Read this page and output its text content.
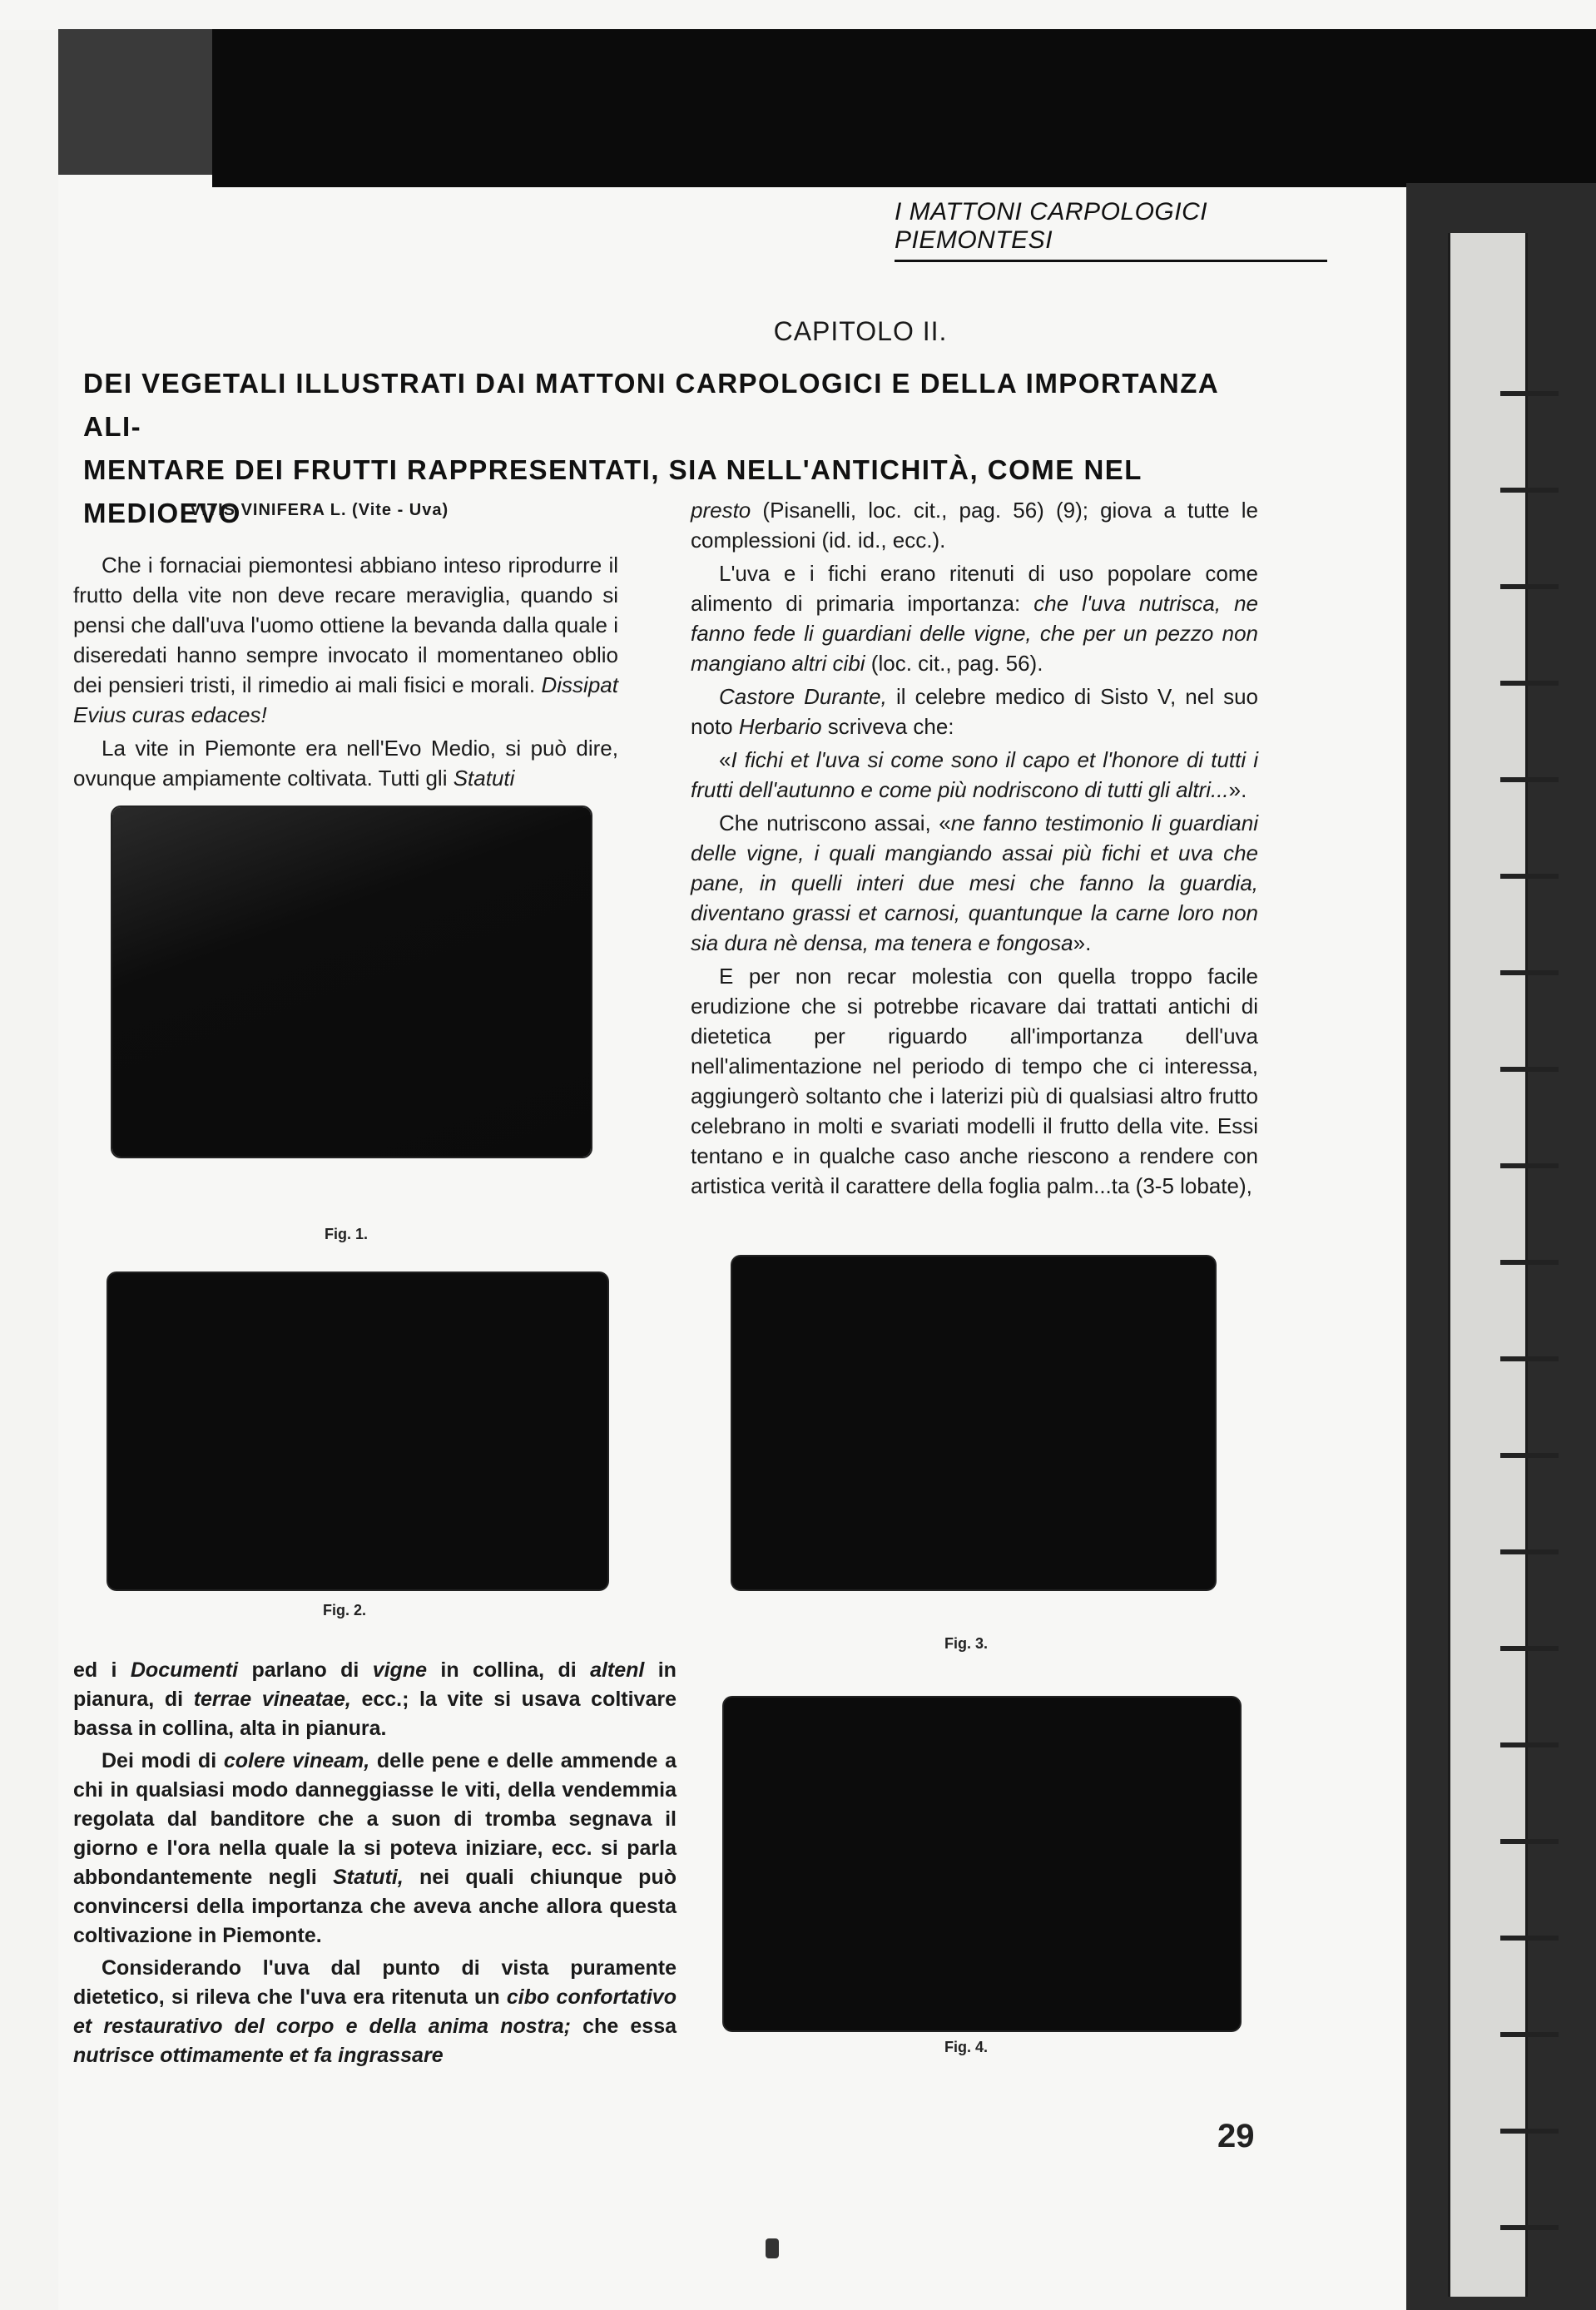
I MATTONI CARPOLOGICI PIEMONTESI
CAPITOLO II.
DEI VEGETALI ILLUSTRATI DAI MATTONI CARPOLOGICI E DELLA IMPORTANZA ALI-
MENTARE DEI FRUTTI RAPPRESENTATI, SIA NELL'ANTICHITÀ, COME NEL MEDIOEVO
VITIS VINIFERA L. (Vite - Uva)

Che i fornaciai piemontesi abbiano inteso riprodurre il frutto della vite non deve recare meraviglia, quando si pensi che dall'uva l'uomo ottiene la bevanda dalla quale i diseredati hanno sempre invocato il momentaneo oblio dei pensieri tristi, il rimedio ai mali fisici e morali. Dissipat Evius curas edaces!

La vite in Piemonte era nell'Evo Medio, si può dire, ovunque ampiamente coltivata. Tutti gli Statuti

presto (Pisanelli, loc. cit., pag. 56) (9); giova a tutte le complessioni (id. id., ecc.).

L'uva e i fichi erano ritenuti di uso popolare come alimento di primaria importanza: che l'uva nutrisca, ne fanno fede li guardiani delle vigne, che per un pezzo non mangiano altri cibi (loc. cit., pag. 56).

Castore Durante, il celebre medico di Sisto V, nel suo noto Herbario scriveva che:

«I fichi et l'uva si come sono il capo et l'honore di tutti i frutti dell'autunno e come più nodriscono di tutti gli altri...».

Che nutriscono assai, «ne fanno testimonio li guardiani delle vigne, i quali mangiando assai più fichi et uva che pane, in quelli interi due mesi che fanno la guardia, diventano grassi et carnosi, quantunque la carne loro non sia dura nè densa, ma tenera e fongosa».

E per non recar molestia con quella troppo facile erudizione che si potrebbe ricavare dai trattati antichi di dietetica per riguardo all'importanza dell'uva nell'alimentazione nel periodo di tempo che ci interessa, aggiungerò soltanto che i laterizi più di qualsiasi altro frutto celebrano in molti e svariati modelli il frutto della vite. Essi tentano e in qualche caso anche riescono a rendere con artistica verità il carattere della foglia palm...ta (3-5 lobate),

Fig. 1.
Fig. 2.
Fig. 3.
Fig. 4.

ed i Documenti parlano di vigne in collina, di altenl in pianura, di terrae vineatae, ecc.; la vite si usava coltivare bassa in collina, alta in pianura.

Dei modi di colere vineam, delle pene e delle ammende a chi in qualsiasi modo danneggiasse le viti, della vendemmia regolata dal banditore che a suon di tromba segnava il giorno e l'ora nella quale la si poteva iniziare, ecc. si parla abbondantemente negli Statuti, nei quali chiunque può convincersi della importanza che aveva anche allora questa coltivazione in Piemonte.

Considerando l'uva dal punto di vista puramente dietetico, si rileva che l'uva era ritenuta un cibo confortativo et restaurativo del corpo e della anima nostra; che essa nutrisce ottimamente et fa ingrassare

29
